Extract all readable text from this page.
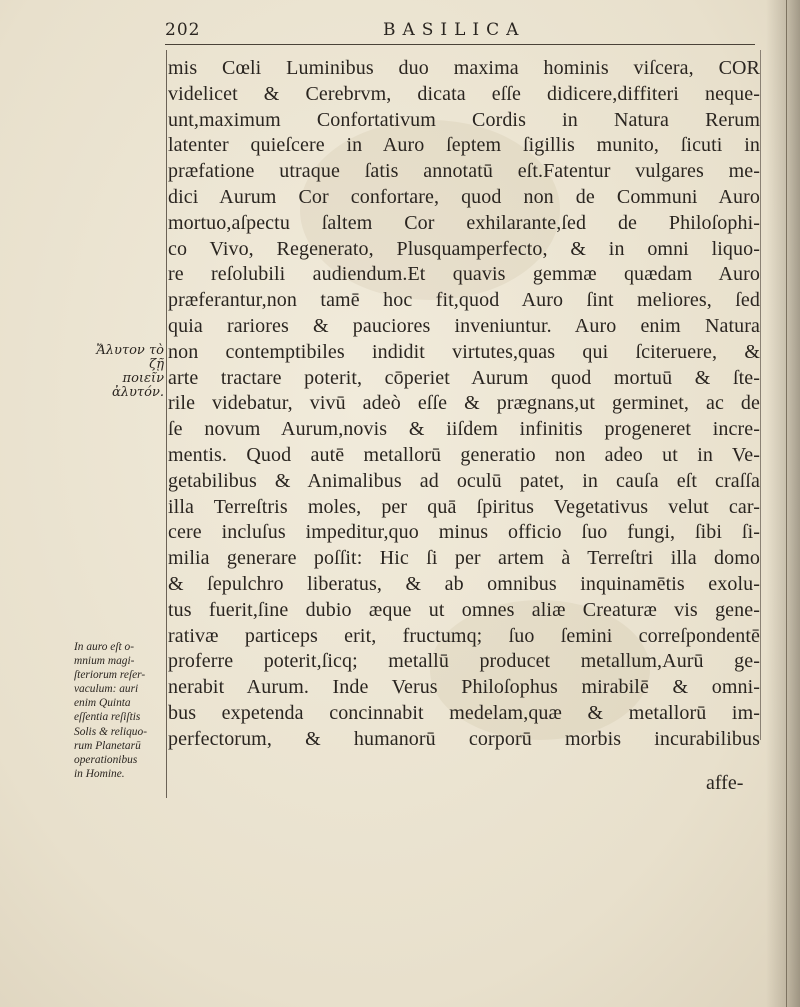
202	BASILICA
mis Cœli Luminibus duo maxima hominis viſcera, COR
videlicet & Cerebrvm, dicata eſſe didicere,diffiteri neque-
unt,maximum Confortativum Cordis in Natura Rerum
latenter quieſcere in Auro ſeptem ſigillis munito, ſicuti in
præfatione utraque ſatis annotatū eſt.Fatentur vulgares me-
dici Aurum Cor confortare, quod non de Communi Auro
mortuo,aſpectu ſaltem Cor exhilarante,ſed de Philoſophi-
co Vivo, Regenerato, Plusquamperfecto, & in omni liquo-
re reſolubili audiendum.Et quavis gemmæ quædam Auro
præferantur,non tamē hoc fit,quod Auro ſint meliores, ſed
quia rariores & pauciores inveniuntur. Auro enim Natura
non contemptibiles indidit virtutes,quas qui ſciteruere, &
arte tractare poterit, cōperiet Aurum quod mortuū & ſte-
rile videbatur, vivū adeò eſſe & prægnans,ut germinet, ac de
ſe novum Aurum,novis & iiſdem infinitis progeneret incre-
mentis. Quod autē metallorū generatio non adeo ut in Ve-
getabilibus & Animalibus ad oculū patet, in cauſa eſt craſſa
illa Terreſtris moles, per quā ſpiritus Vegetativus velut car-
cere incluſus impeditur,quo minus officio ſuo fungi, ſibi ſi-
milia generare poſſit: Hic ſi per artem à Terreſtri illa domo
& ſepulchro liberatus, & ab omnibus inquinamētis exolu-
tus fuerit,ſine dubio æque ut omnes aliæ Creaturæ vis gene-
rativæ particeps erit, fructumq; ſuo ſemini correſpondentē
proferre poterit,ſicq; metallū producet metallum,Aurū ge-
nerabit Aurum. Inde Verus Philoſophus mirabilē & omni-
bus expetenda concinnabit medelam,quæ & metallorū im-
perfectorum, & humanorū corporū morbis incurabilibus
Ἄλυτον τὸ ζῇ
ποιεῖν ἀλυτόν.
In auro eſt o-
mnium magi-
ſteriorum reſer-
vaculum: auri
enim Quinta
eſſentia reſiſtis
Solis & reliquo-
rum Planetarū
operationibus
in Homine.	affe-
